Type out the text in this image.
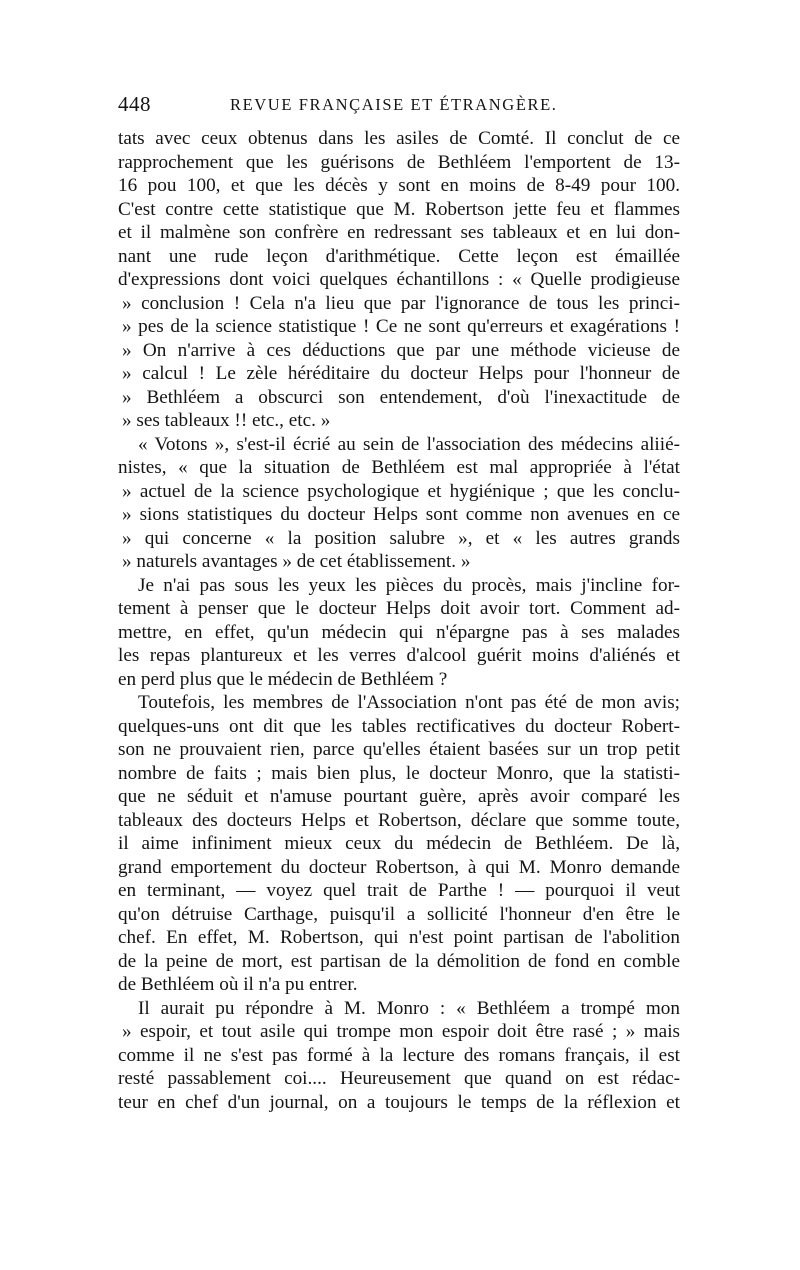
448	REVUE FRANÇAISE ET ÉTRANGÈRE.
tats avec ceux obtenus dans les asiles de Comté. Il conclut de ce
rapprochement que les guérisons de Bethléem l'emportent de 13-
16 pou 100, et que les décès y sont en moins de 8-49 pour 100.
C'est contre cette statistique que M. Robertson jette feu et flammes
et il malmène son confrère en redressant ses tableaux et en lui don-
nant une rude leçon d'arithmétique. Cette leçon est émaillée
d'expressions dont voici quelques échantillons : « Quelle prodigieuse
» conclusion ! Cela n'a lieu que par l'ignorance de tous les princi-
» pes de la science statistique ! Ce ne sont qu'erreurs et exagérations !
» On n'arrive à ces déductions que par une méthode vicieuse de
» calcul ! Le zèle héréditaire du docteur Helps pour l'honneur de
» Bethléem a obscurci son entendement, d'où l'inexactitude de
» ses tableaux !! etc., etc. »
« Votons », s'est-il écrié au sein de l'association des médecins aliié-
nistes, « que la situation de Bethléem est mal appropriée à l'état
» actuel de la science psychologique et hygiénique ; que les conclu-
» sions statistiques du docteur Helps sont comme non avenues en ce
» qui concerne « la position salubre », et « les autres grands
» naturels avantages » de cet établissement. »
Je n'ai pas sous les yeux les pièces du procès, mais j'incline for-
tement à penser que le docteur Helps doit avoir tort. Comment ad-
mettre, en effet, qu'un médecin qui n'épargne pas à ses malades
les repas plantureux et les verres d'alcool guérit moins d'aliénés et
en perd plus que le médecin de Bethléem ?
Toutefois, les membres de l'Association n'ont pas été de mon avis;
quelques-uns ont dit que les tables rectificatives du docteur Robert-
son ne prouvaient rien, parce qu'elles étaient basées sur un trop petit
nombre de faits ; mais bien plus, le docteur Monro, que la statisti-
que ne séduit et n'amuse pourtant guère, après avoir comparé les
tableaux des docteurs Helps et Robertson, déclare que somme toute,
il aime infiniment mieux ceux du médecin de Bethléem. De là,
grand emportement du docteur Robertson, à qui M. Monro demande
en terminant, — voyez quel trait de Parthe ! — pourquoi il veut
qu'on détruise Carthage, puisqu'il a sollicité l'honneur d'en être le
chef. En effet, M. Robertson, qui n'est point partisan de l'abolition
de la peine de mort, est partisan de la démolition de fond en comble
de Bethléem où il n'a pu entrer.
Il aurait pu répondre à M. Monro : « Bethléem a trompé mon
» espoir, et tout asile qui trompe mon espoir doit être rasé ; » mais
comme il ne s'est pas formé à la lecture des romans français, il est
resté passablement coi.... Heureusement que quand on est rédac-
teur en chef d'un journal, on a toujours le temps de la réflexion et
